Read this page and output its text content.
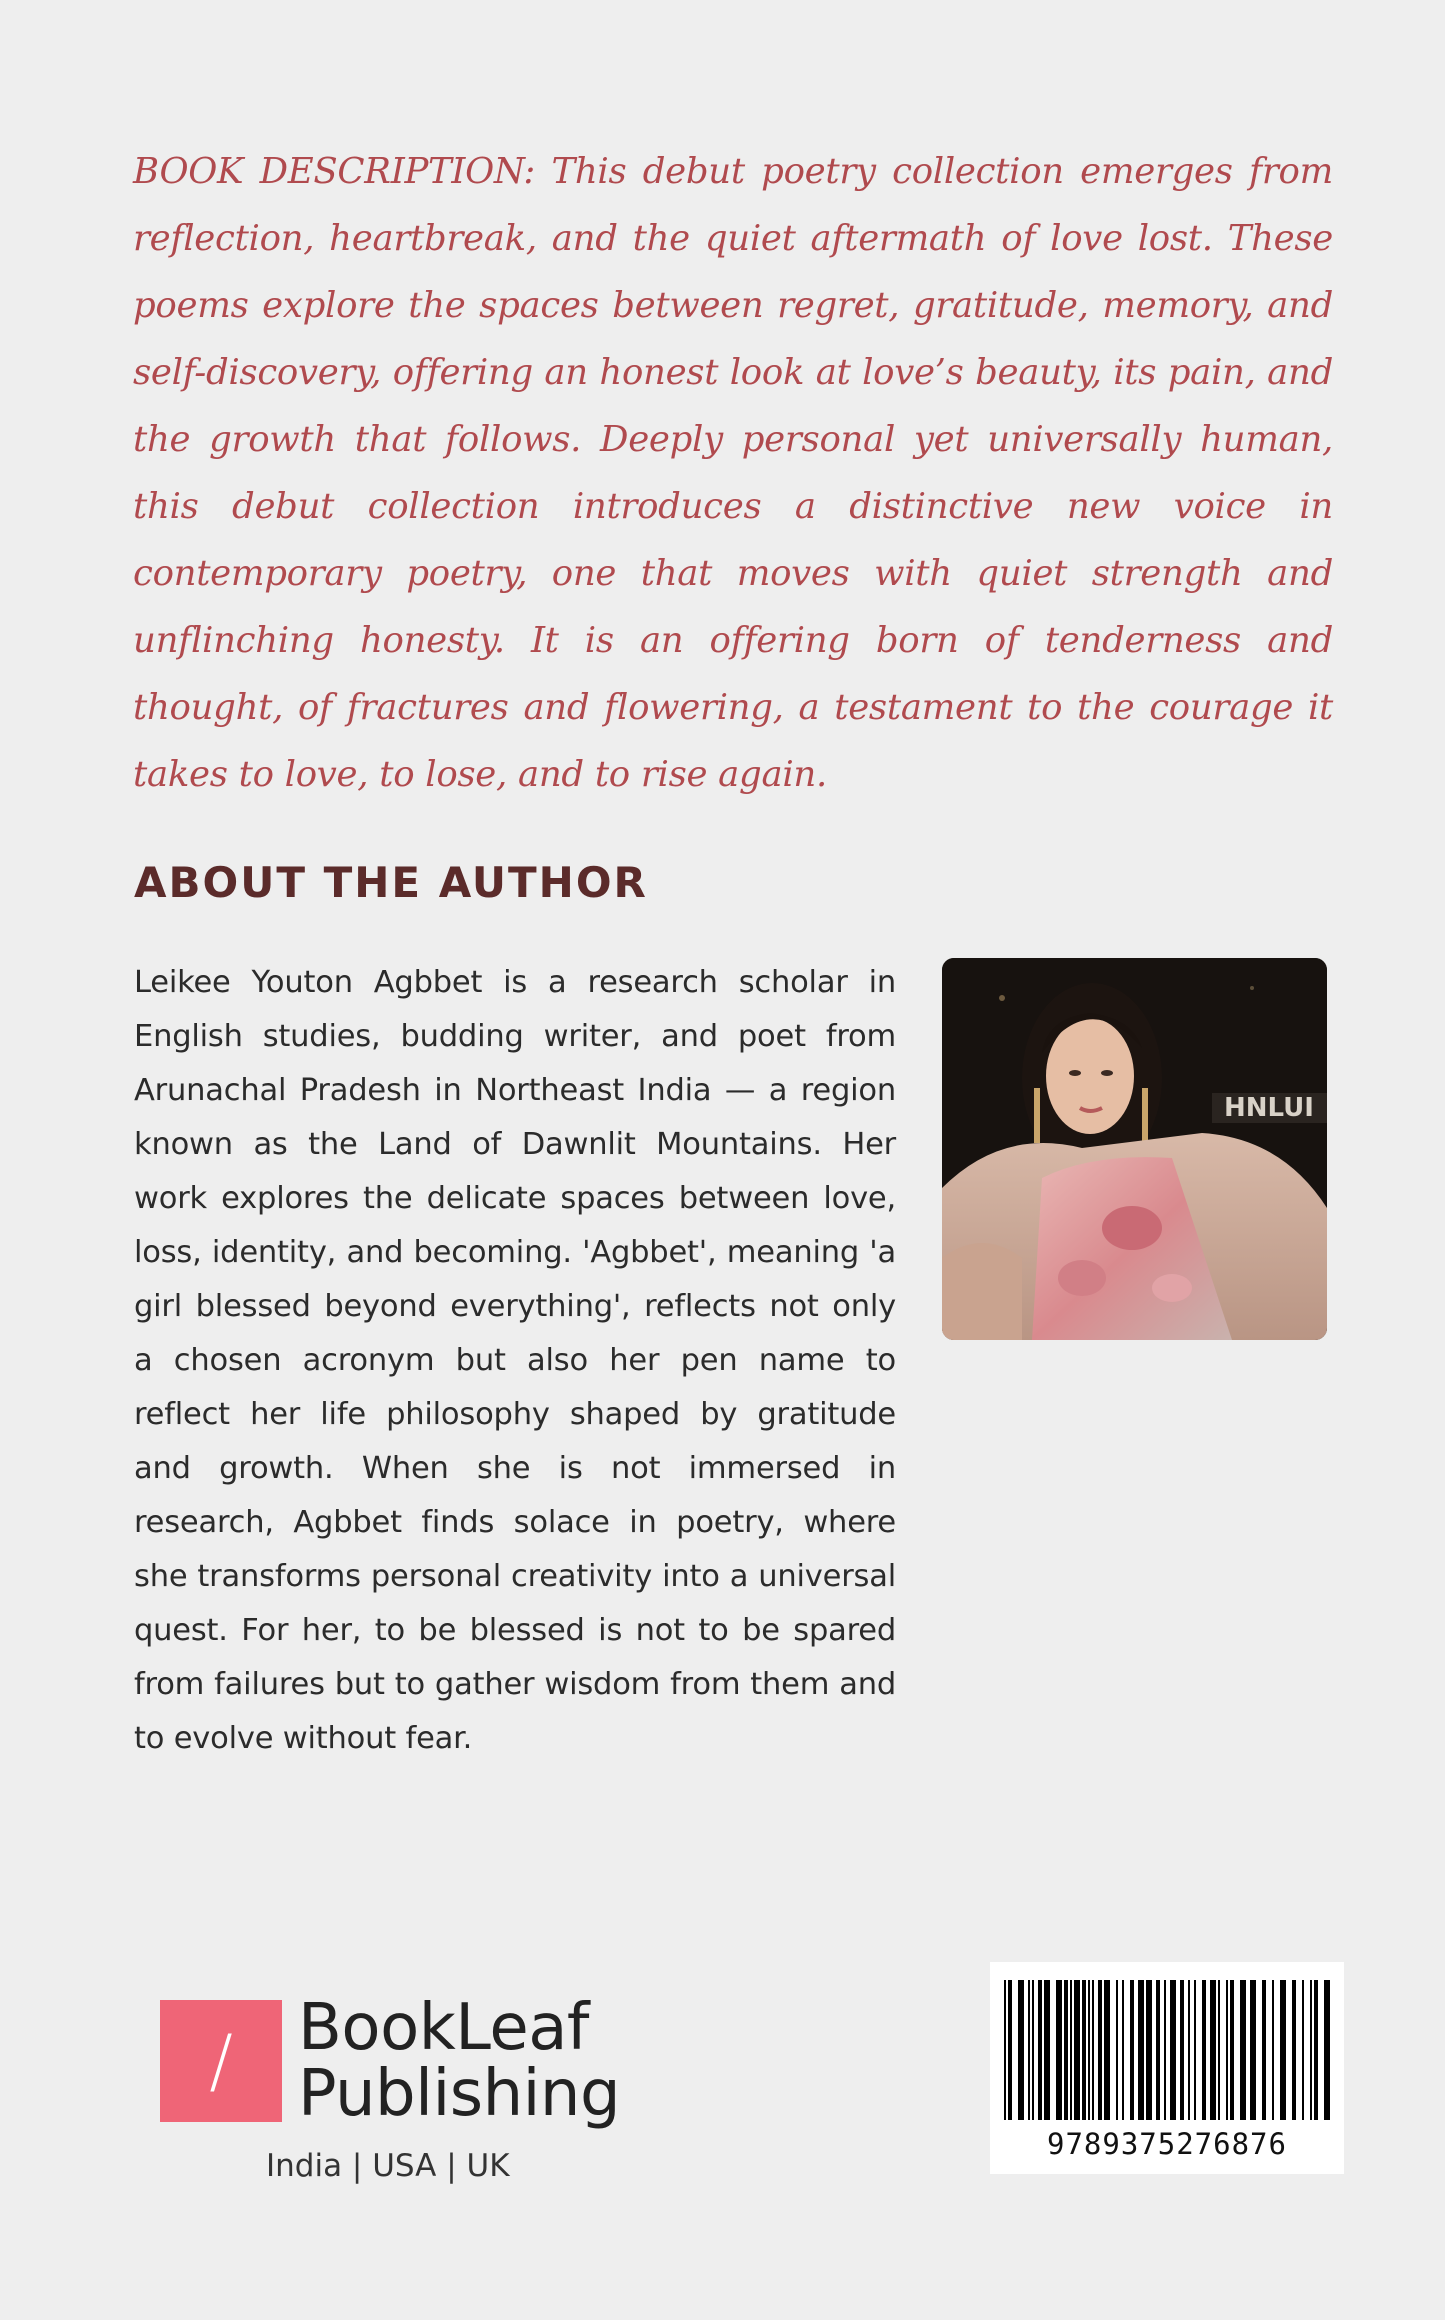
BOOK DESCRIPTION: This debut poetry collection emerges from reflection, heartbreak, and the quiet aftermath of love lost. These poems explore the spaces between regret, gratitude, memory, and self-discovery, offering an honest look at love’s beauty, its pain, and the growth that follows. Deeply personal yet universally human, this debut collection introduces a distinctive new voice in contemporary poetry, one that moves with quiet strength and unflinching honesty. It is an offering born of tenderness and thought, of fractures and flowering, a testament to the courage it takes to love, to lose, and to rise again.
ABOUT THE AUTHOR
Leikee Youton Agbbet is a research scholar in English studies, budding writer, and poet from Arunachal Pradesh in Northeast India — a region known as the Land of Dawnlit Mountains. Her work explores the delicate spaces between love, loss, identity, and becoming. 'Agbbet', meaning 'a girl blessed beyond everything', reflects not only a chosen acronym but also her pen name to reflect her life philosophy shaped by gratitude and growth. When she is not immersed in research, Agbbet finds solace in poetry, where she transforms personal creativity into a universal quest. For her, to be blessed is not to be spared from failures but to gather wisdom from them and to evolve without fear.
HNLUI
/	BookLeaf
Publishing
India | USA | UK
9789375276876
